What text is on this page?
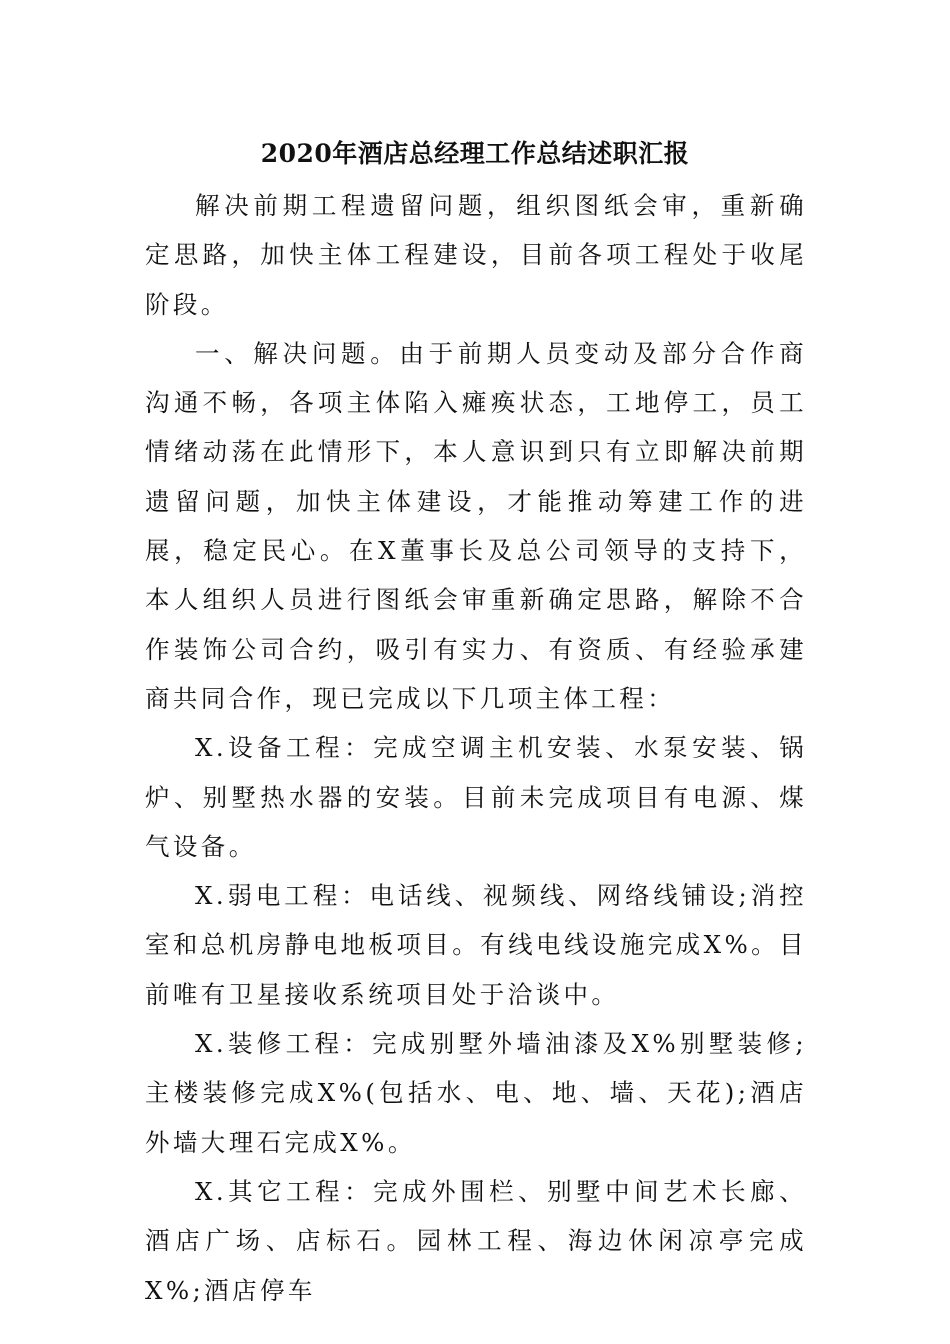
2020年酒店总经理工作总结述职汇报

解决前期工程遗留问题，组织图纸会审，重新确定思路，加快主体工程建设，目前各项工程处于收尾阶段。

一、解决问题。由于前期人员变动及部分合作商沟通不畅，各项主体陷入瘫痪状态，工地停工，员工情绪动荡在此情形下，本人意识到只有立即解决前期遗留问题，加快主体建设，才能推动筹建工作的进展，稳定民心。在X董事长及总公司领导的支持下，本人组织人员进行图纸会审重新确定思路，解除不合作装饰公司合约，吸引有实力、有资质、有经验承建商共同合作，现已完成以下几项主体工程：

X.设备工程：完成空调主机安装、水泵安装、锅炉、别墅热水器的安装。目前未完成项目有电源、煤气设备。

X.弱电工程：电话线、视频线、网络线铺设;消控室和总机房静电地板项目。有线电线设施完成X%。目前唯有卫星接收系统项目处于洽谈中。

X.装修工程：完成别墅外墙油漆及X%别墅装修;主楼装修完成X%(包括水、电、地、墙、天花);酒店外墙大理石完成X%。

X.其它工程：完成外围栏、别墅中间艺术长廊、酒店广场、店标石。园林工程、海边休闲凉亭完成X%;酒店停车
